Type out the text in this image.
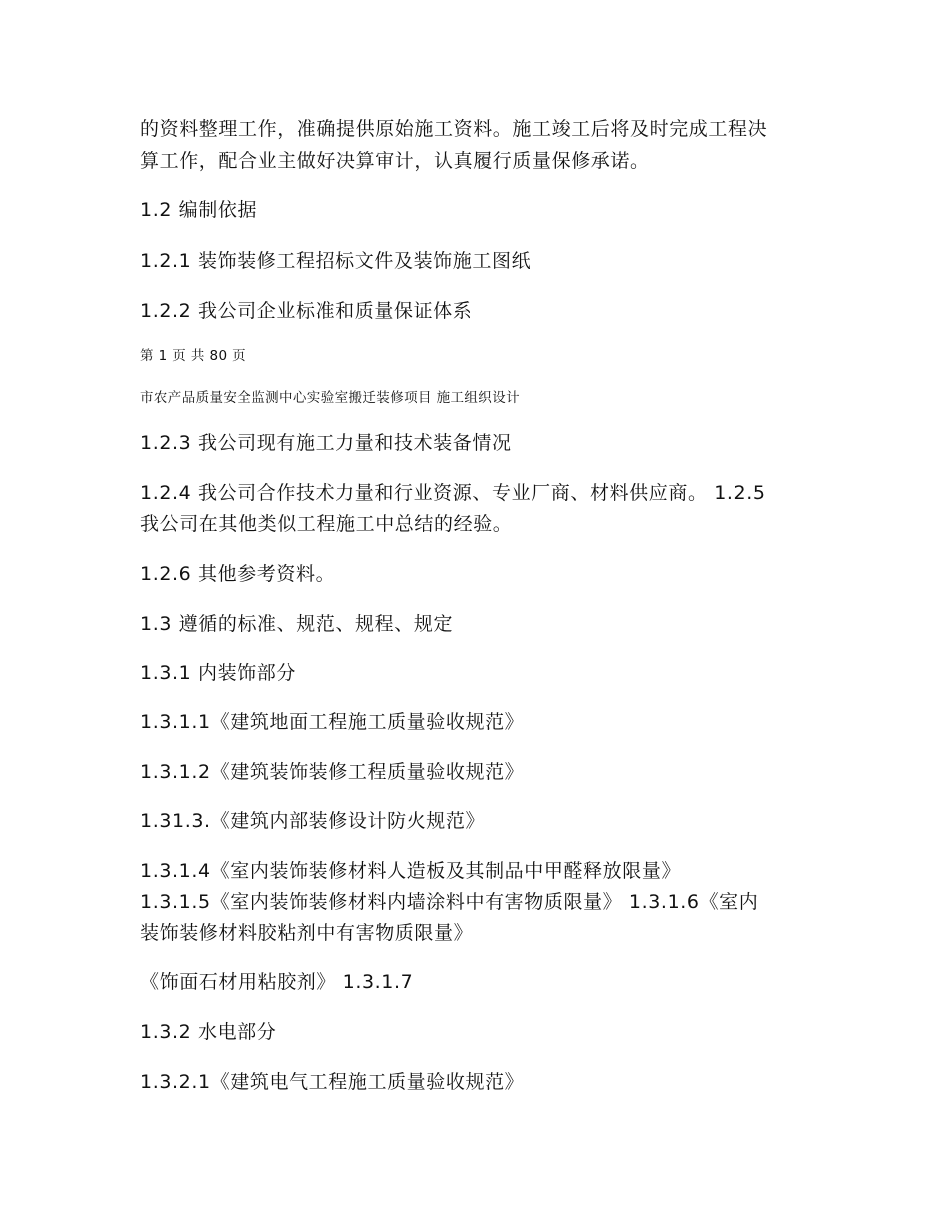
的资料整理工作，准确提供原始施工资料。施工竣工后将及时完成工程决
算工作，配合业主做好决算审计，认真履行质量保修承诺。
1.2 编制依据
1.2.1 装饰装修工程招标文件及装饰施工图纸
1.2.2 我公司企业标准和质量保证体系
第 1 页 共 80 页
市农产品质量安全监测中心实验室搬迁装修项目 施工组织设计
1.2.3 我公司现有施工力量和技术装备情况
1.2.4 我公司合作技术力量和行业资源、专业厂商、材料供应商。 1.2.5
我公司在其他类似工程施工中总结的经验。
1.2.6 其他参考资料。
1.3 遵循的标准、规范、规程、规定
1.3.1 内装饰部分
1.3.1.1《建筑地面工程施工质量验收规范》
1.3.1.2《建筑装饰装修工程质量验收规范》
1.31.3.《建筑内部装修设计防火规范》
1.3.1.4《室内装饰装修材料人造板及其制品中甲醛释放限量》
1.3.1.5《室内装饰装修材料内墙涂料中有害物质限量》 1.3.1.6《室内
装饰装修材料胶粘剂中有害物质限量》
《饰面石材用粘胶剂》 1.3.1.7
1.3.2 水电部分
1.3.2.1《建筑电气工程施工质量验收规范》
